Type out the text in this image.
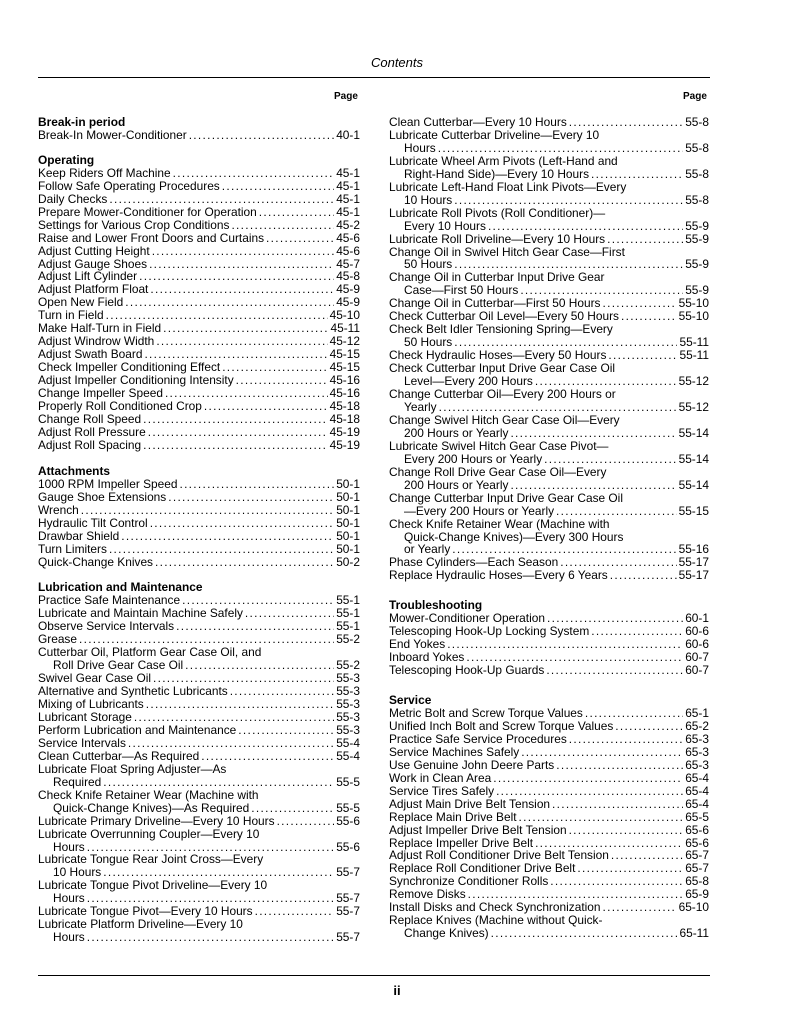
Contents
Page	Page
Break-in period
Break-In Mower-Conditioner .....	40-1
Operating
Keep Riders Off Machine .....	45-1
Follow Safe Operating Procedures .....	45-1
Daily Checks .....	45-1
Prepare Mower-Conditioner for Operation .....	45-1
Settings for Various Crop Conditions .....	45-2
Raise and Lower Front Doors and Curtains .....	45-6
Adjust Cutting Height .....	45-6
Adjust Gauge Shoes .....	45-7
Adjust Lift Cylinder .....	45-8
Adjust Platform Float .....	45-9
Open New Field .....	45-9
Turn in Field .....	45-10
Make Half-Turn in Field .....	45-11
Adjust Windrow Width .....	45-12
Adjust Swath Board .....	45-15
Check Impeller Conditioning Effect .....	45-15
Adjust Impeller Conditioning Intensity .....	45-16
Change Impeller Speed .....	45-16
Properly Roll Conditioned Crop .....	45-18
Change Roll Speed .....	45-18
Adjust Roll Pressure .....	45-19
Adjust Roll Spacing .....	45-19
Attachments
1000 RPM Impeller Speed .....	50-1
Gauge Shoe Extensions .....	50-1
Wrench .....	50-1
Hydraulic Tilt Control .....	50-1
Drawbar Shield .....	50-1
Turn Limiters .....	50-1
Quick-Change Knives .....	50-2
Lubrication and Maintenance
Practice Safe Maintenance .....	55-1
Lubricate and Maintain Machine Safely .....	55-1
Observe Service Intervals .....	55-1
Grease .....	55-2
Cutterbar Oil, Platform Gear Case Oil, and
Roll Drive Gear Case Oil .....	55-2
Swivel Gear Case Oil .....	55-3
Alternative and Synthetic Lubricants .....	55-3
Mixing of Lubricants .....	55-3
Lubricant Storage .....	55-3
Perform Lubrication and Maintenance .....	55-3
Service Intervals .....	55-4
Clean Cutterbar—As Required .....	55-4
Lubricate Float Spring Adjuster—As
Required .....	55-5
Check Knife Retainer Wear (Machine with
Quick-Change Knives)—As Required .....	55-5
Lubricate Primary Driveline—Every 10 Hours .....	55-6
Lubricate Overrunning Coupler—Every 10
Hours .....	55-6
Lubricate Tongue Rear Joint Cross—Every
10 Hours .....	55-7
Lubricate Tongue Pivot Driveline—Every 10
Hours .....	55-7
Lubricate Tongue Pivot—Every 10 Hours .....	55-7
Lubricate Platform Driveline—Every 10
Hours .....	55-7
Clean Cutterbar—Every 10 Hours .....	55-8
Lubricate Cutterbar Driveline—Every 10
Hours .....	55-8
Lubricate Wheel Arm Pivots (Left-Hand and
Right-Hand Side)—Every 10 Hours .....	55-8
Lubricate Left-Hand Float Link Pivots—Every
10 Hours .....	55-8
Lubricate Roll Pivots (Roll Conditioner)—
Every 10 Hours .....	55-9
Lubricate Roll Driveline—Every 10 Hours .....	55-9
Change Oil in Swivel Hitch Gear Case—First
50 Hours .....	55-9
Change Oil in Cutterbar Input Drive Gear
Case—First 50 Hours .....	55-9
Change Oil in Cutterbar—First 50 Hours .....	55-10
Check Cutterbar Oil Level—Every 50 Hours .....	55-10
Check Belt Idler Tensioning Spring—Every
50 Hours .....	55-11
Check Hydraulic Hoses—Every 50 Hours .....	55-11
Check Cutterbar Input Drive Gear Case Oil
Level—Every 200 Hours .....	55-12
Change Cutterbar Oil—Every 200 Hours or
Yearly .....	55-12
Change Swivel Hitch Gear Case Oil—Every
200 Hours or Yearly .....	55-14
Lubricate Swivel Hitch Gear Case Pivot—
Every 200 Hours or Yearly .....	55-14
Change Roll Drive Gear Case Oil—Every
200 Hours or Yearly .....	55-14
Change Cutterbar Input Drive Gear Case Oil
—Every 200 Hours or Yearly .....	55-15
Check Knife Retainer Wear (Machine with
Quick-Change Knives)—Every 300 Hours
or Yearly .....	55-16
Phase Cylinders—Each Season .....	55-17
Replace Hydraulic Hoses—Every 6 Years .....	55-17
Troubleshooting
Mower-Conditioner Operation .....	60-1
Telescoping Hook-Up Locking System .....	60-6
End Yokes .....	60-6
Inboard Yokes .....	60-7
Telescoping Hook-Up Guards .....	60-7
Service
Metric Bolt and Screw Torque Values .....	65-1
Unified Inch Bolt and Screw Torque Values .....	65-2
Practice Safe Service Procedures .....	65-3
Service Machines Safely .....	65-3
Use Genuine John Deere Parts .....	65-3
Work in Clean Area .....	65-4
Service Tires Safely .....	65-4
Adjust Main Drive Belt Tension .....	65-4
Replace Main Drive Belt .....	65-5
Adjust Impeller Drive Belt Tension .....	65-6
Replace Impeller Drive Belt .....	65-6
Adjust Roll Conditioner Drive Belt Tension .....	65-7
Replace Roll Conditioner Drive Belt .....	65-7
Synchronize Conditioner Rolls .....	65-8
Remove Disks .....	65-9
Install Disks and Check Synchronization .....	65-10
Replace Knives (Machine without Quick-
Change Knives) .....	65-11
ii
